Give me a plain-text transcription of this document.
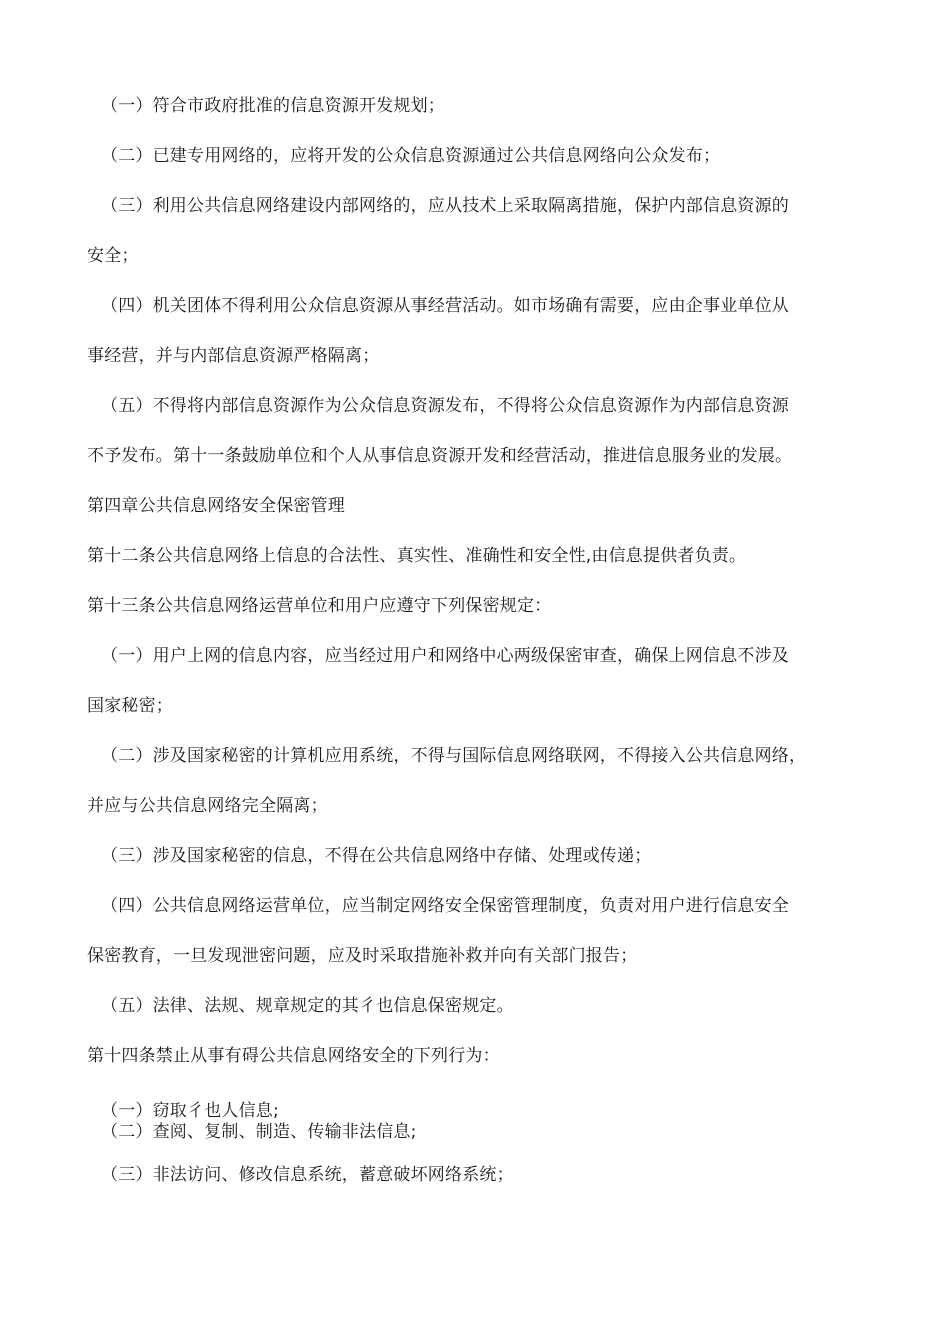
（一）符合市政府批准的信息资源开发规划；
（二）已建专用网络的，应将开发的公众信息资源通过公共信息网络向公众发布；
（三）利用公共信息网络建设内部网络的，应从技术上采取隔离措施，保护内部信息资源的
安全；
（四）机关团体不得利用公众信息资源从事经营活动。如市场确有需要，应由企事业单位从
事经营，并与内部信息资源严格隔离；
（五）不得将内部信息资源作为公众信息资源发布，不得将公众信息资源作为内部信息资源
不予发布。第十一条鼓励单位和个人从事信息资源开发和经营活动，推进信息服务业的发展。
第四章公共信息网络安全保密管理
第十二条公共信息网络上信息的合法性、真实性、准确性和安全性,由信息提供者负责。
第十三条公共信息网络运营单位和用户应遵守下列保密规定：
（一）用户上网的信息内容，应当经过用户和网络中心两级保密审查，确保上网信息不涉及
国家秘密；
（二）涉及国家秘密的计算机应用系统，不得与国际信息网络联网，不得接入公共信息网络，
并应与公共信息网络完全隔离；
（三）涉及国家秘密的信息，不得在公共信息网络中存储、处理或传递；
（四）公共信息网络运营单位，应当制定网络安全保密管理制度，负责对用户进行信息安全
保密教育，一旦发现泄密问题，应及时采取措施补救并向有关部门报告；
（五）法律、法规、规章规定的其彳也信息保密规定。
第十四条禁止从事有碍公共信息网络安全的下列行为：
（一）窃取彳也人信息;
（二）查阅、复制、制造、传输非法信息;
（三）非法访问、修改信息系统，蓄意破坏网络系统；
